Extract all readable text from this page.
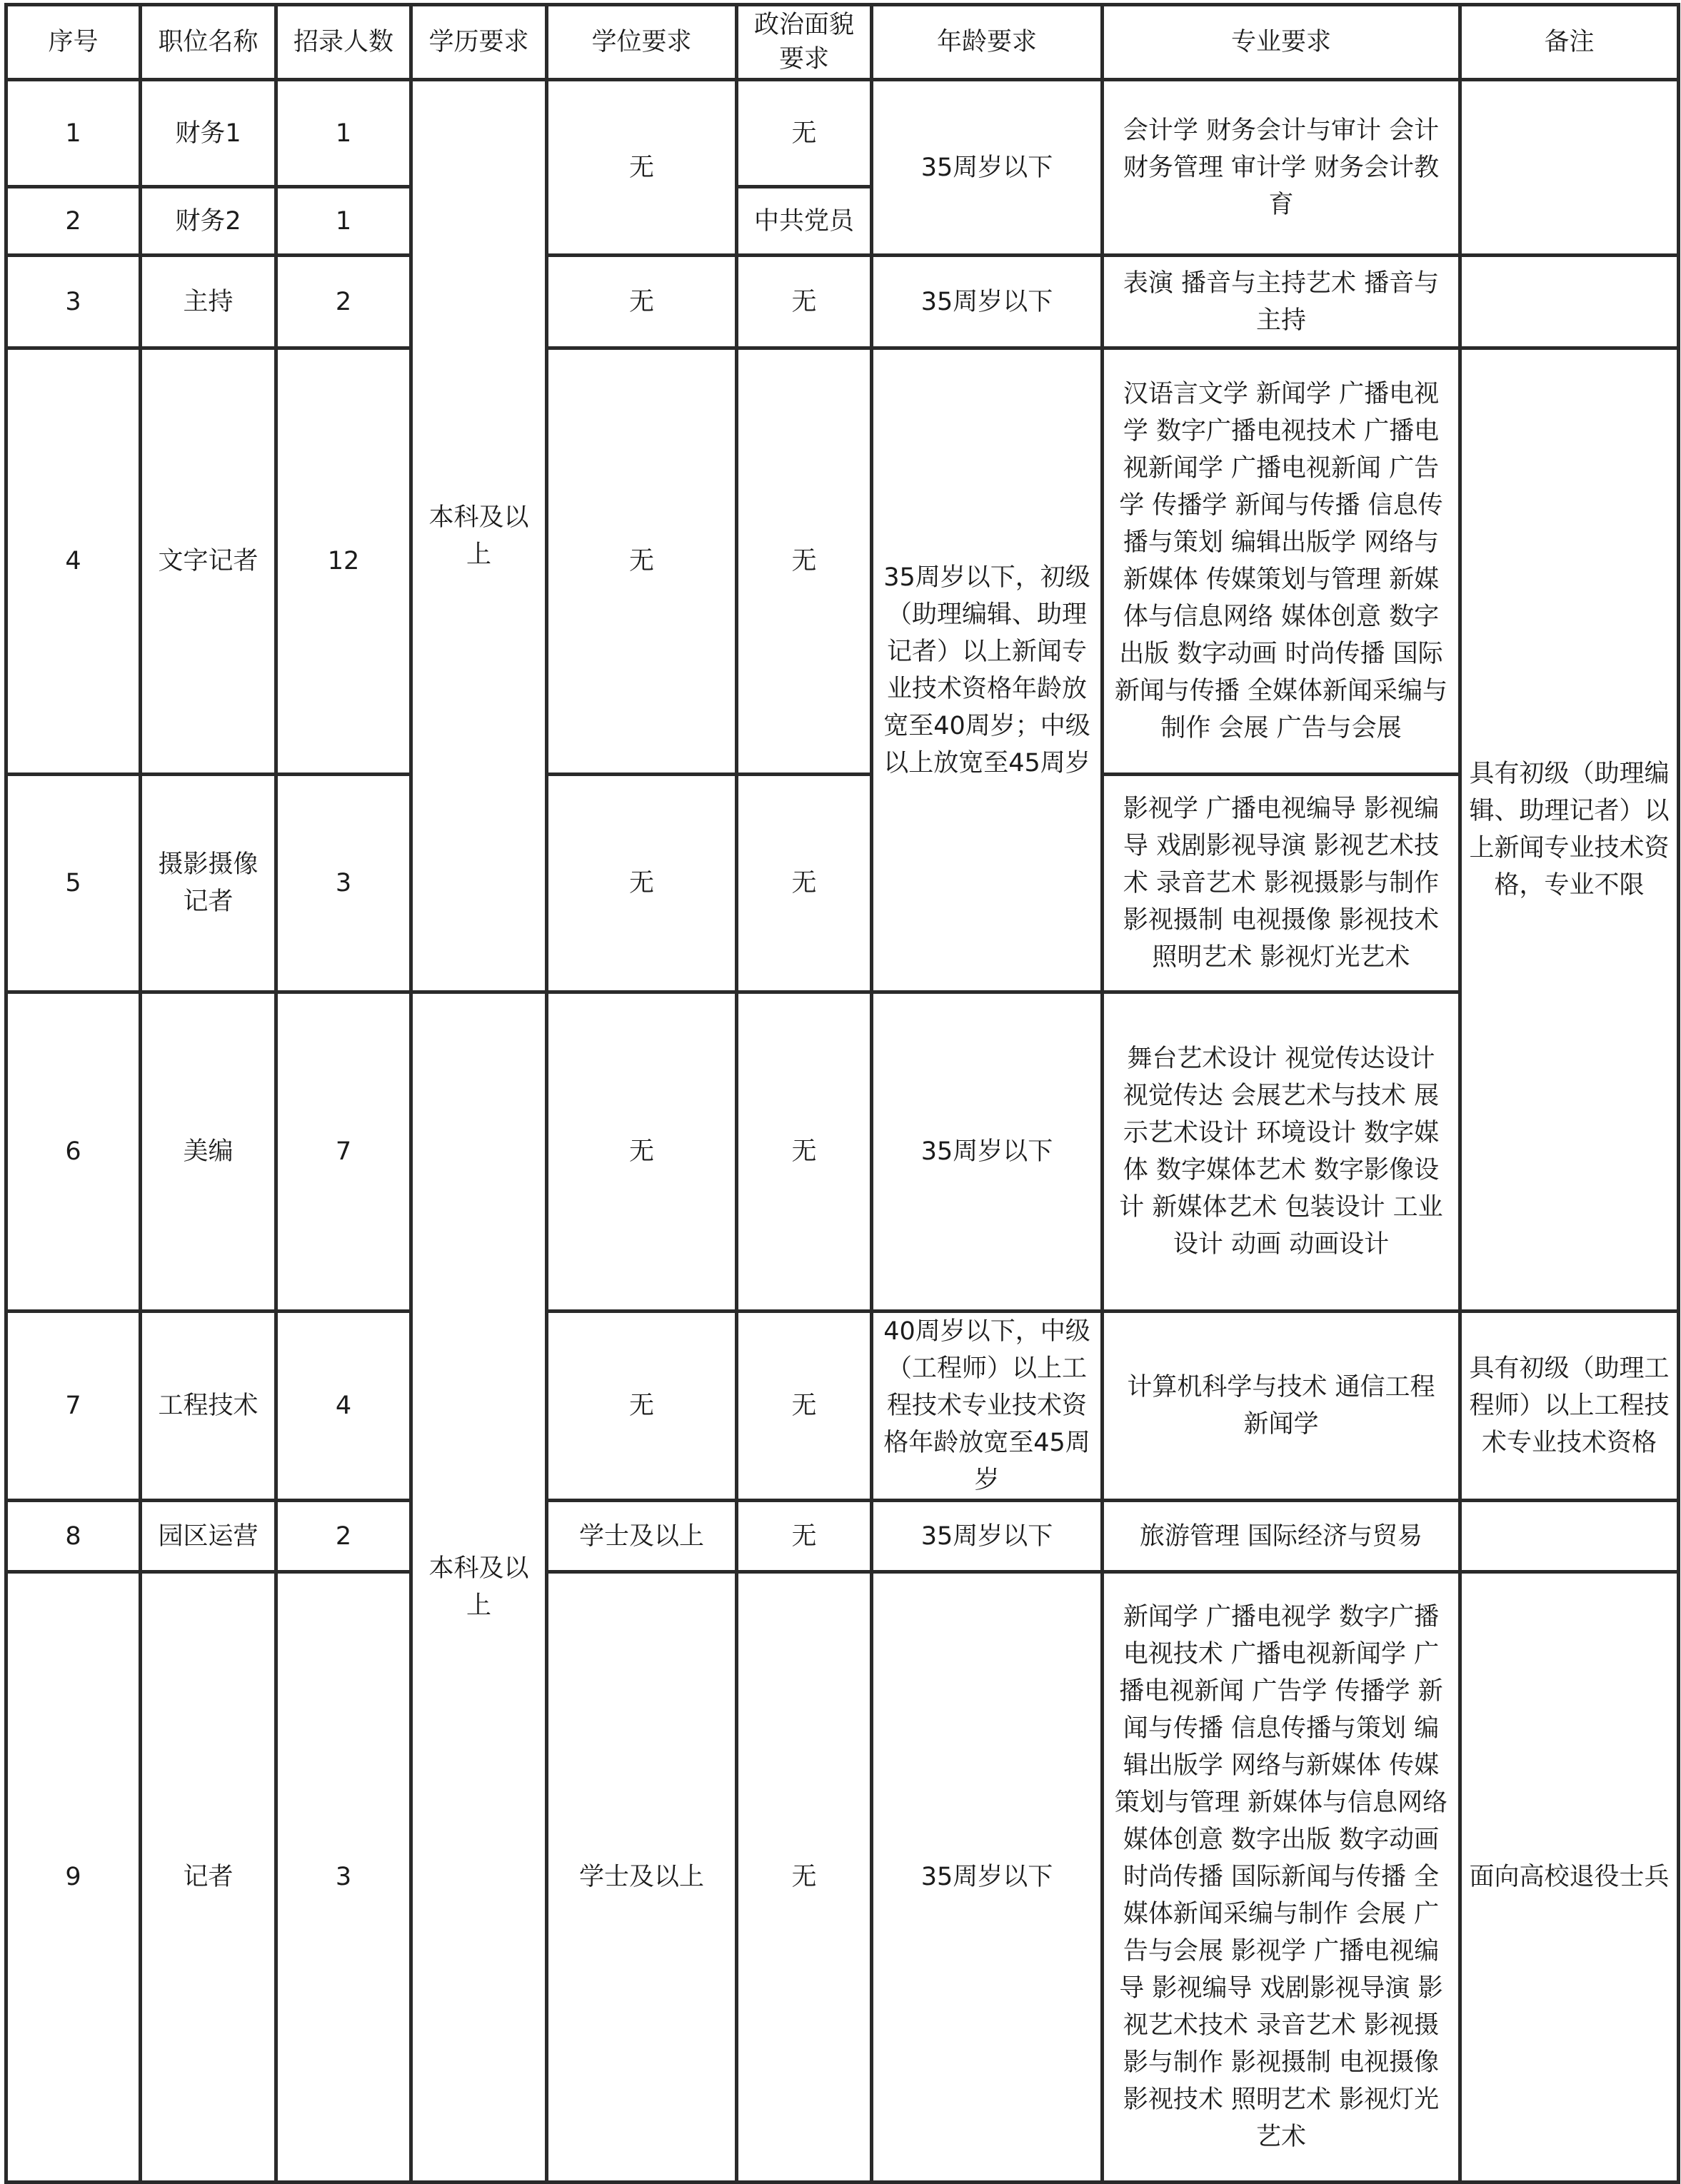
序号	职位名称	招录人数	学历要求	学位要求	政治面貌要求	年龄要求	专业要求	备注
1	财务1	1	本科及以上	无	无	35周岁以下	会计学 财务会计与审计 会计财务管理 审计学 财务会计教育	
2	财务2	1			中共党员			
3	主持	2		无	无	35周岁以下	表演 播音与主持艺术 播音与主持	
4	文字记者	12		无	无	35周岁以下，初级（助理编辑、助理记者）以上新闻专业技术资格年龄放宽至40周岁；中级以上放宽至45周岁	汉语言文学 新闻学 广播电视学 数字广播电视技术 广播电视新闻学 广播电视新闻 广告学 传播学 新闻与传播 信息传播与策划 编辑出版学 网络与新媒体 传媒策划与管理 新媒体与信息网络 媒体创意 数字出版 数字动画 时尚传播 国际新闻与传播 全媒体新闻采编与制作 会展 广告与会展	具有初级（助理编辑、助理记者）以上新闻专业技术资格，专业不限
5	摄影摄像记者	3		无	无		影视学 广播电视编导 影视编导 戏剧影视导演 影视艺术技术 录音艺术 影视摄影与制作 影视摄制 电视摄像 影视技术 照明艺术 影视灯光艺术	
6	美编	7	本科及以上	无	无	35周岁以下	舞台艺术设计 视觉传达设计 视觉传达 会展艺术与技术 展示艺术设计 环境设计 数字媒体 数字媒体艺术 数字影像设计 新媒体艺术 包装设计 工业设计 动画 动画设计	
7	工程技术	4		无	无	40周岁以下，中级（工程师）以上工程技术专业技术资格年龄放宽至45周岁	计算机科学与技术 通信工程 新闻学	具有初级（助理工程师）以上工程技术专业技术资格
8	园区运营	2		学士及以上	无	35周岁以下	旅游管理 国际经济与贸易	
9	记者	3		学士及以上	无	35周岁以下	新闻学 广播电视学 数字广播电视技术 广播电视新闻学 广播电视新闻 广告学 传播学 新闻与传播 信息传播与策划 编辑出版学 网络与新媒体 传媒策划与管理 新媒体与信息网络 媒体创意 数字出版 数字动画 时尚传播 国际新闻与传播 全媒体新闻采编与制作 会展 广告与会展 影视学 广播电视编导 影视编导 戏剧影视导演 影视艺术技术 录音艺术 影视摄影与制作 影视摄制 电视摄像 影视技术 照明艺术 影视灯光艺术	面向高校退役士兵
